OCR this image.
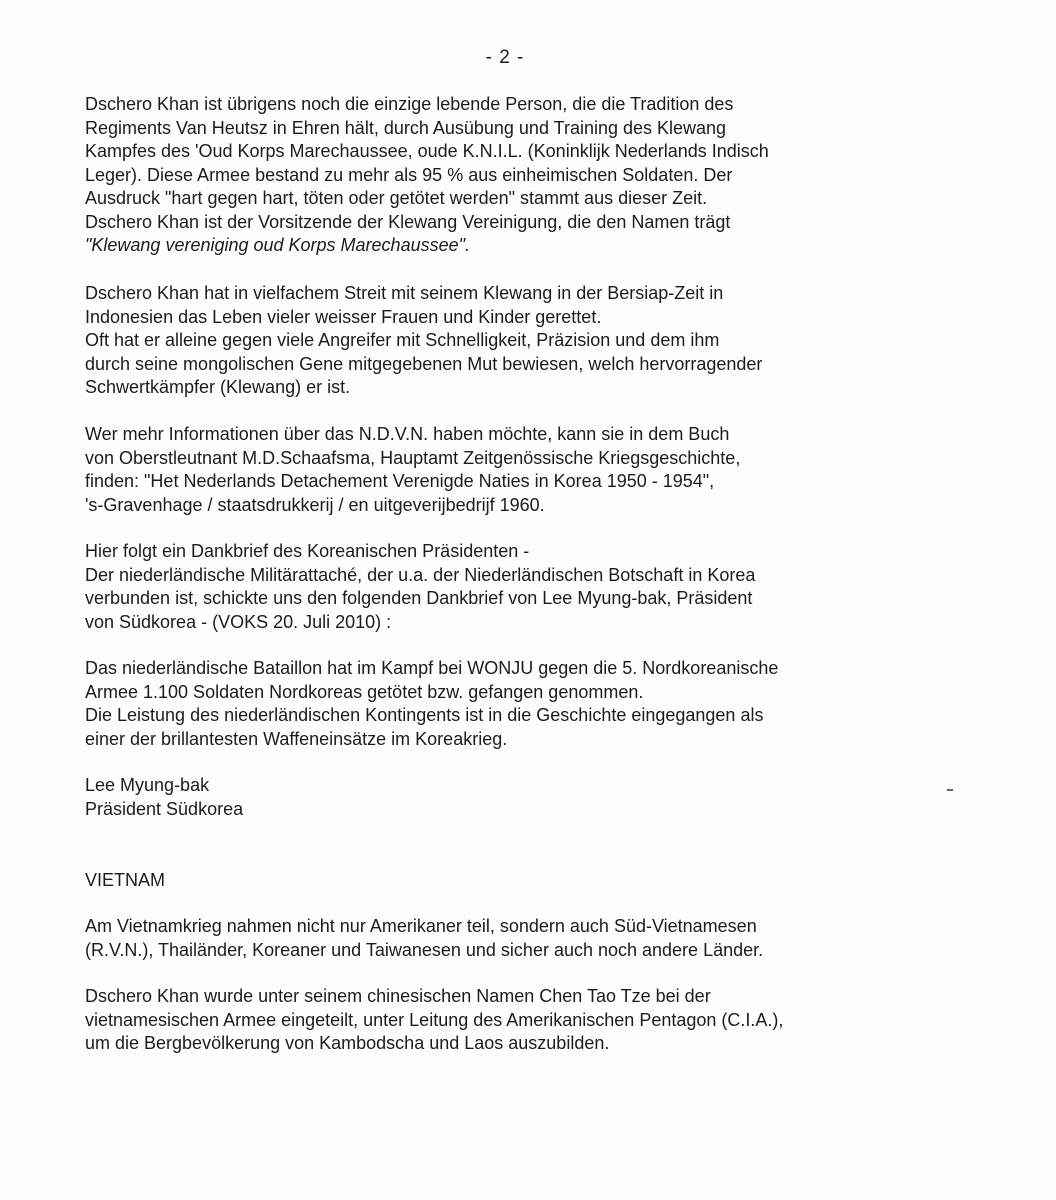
- 2 -
Dschero Khan ist übrigens noch die einzige lebende Person, die die Tradition des
Regiments Van Heutsz in Ehren hält, durch Ausübung und Training des Klewang
Kampfes des 'Oud Korps Marechaussee, oude K.N.I.L. (Koninklijk Nederlands Indisch
Leger). Diese Armee bestand zu mehr als 95 % aus einheimischen Soldaten. Der
Ausdruck "hart gegen hart, töten oder getötet werden" stammt aus dieser Zeit.
Dschero Khan ist der Vorsitzende der Klewang Vereinigung, die den Namen trägt
"Klewang vereniging oud Korps Marechaussee".
Dschero Khan hat in vielfachem Streit mit seinem Klewang in der Bersiap-Zeit in
Indonesien das Leben vieler weisser Frauen und Kinder gerettet.
Oft hat er alleine gegen viele Angreifer mit Schnelligkeit, Präzision und dem ihm
durch seine mongolischen Gene mitgegebenen Mut bewiesen, welch hervorragender
Schwertkämpfer (Klewang) er ist.
Wer mehr Informationen über das N.D.V.N. haben möchte, kann sie in dem Buch
von Oberstleutnant M.D.Schaafsma, Hauptamt Zeitgenössische Kriegsgeschichte,
finden: "Het Nederlands Detachement Verenigde Naties in Korea 1950 - 1954",
's-Gravenhage / staatsdrukkerij / en uitgeverijbedrijf 1960.
Hier folgt ein Dankbrief des Koreanischen Präsidenten -
Der niederländische Militärattaché, der u.a. der Niederländischen Botschaft in Korea
verbunden ist, schickte uns den folgenden Dankbrief von Lee Myung-bak, Präsident
von Südkorea - (VOKS 20. Juli 2010) :
Das niederländische Bataillon hat im Kampf bei WONJU gegen die 5. Nordkoreanische
Armee 1.100 Soldaten Nordkoreas getötet bzw. gefangen genommen.
Die Leistung des niederländischen Kontingents ist in die Geschichte eingegangen als
einer der brillantesten Waffeneinsätze im Koreakrieg.
Lee Myung-bak
Präsident Südkorea
VIETNAM
Am Vietnamkrieg nahmen nicht nur Amerikaner teil, sondern auch Süd-Vietnamesen
(R.V.N.), Thailänder, Koreaner und Taiwanesen und sicher auch noch andere Länder.
Dschero Khan wurde unter seinem chinesischen Namen Chen Tao Tze bei der
vietnamesischen Armee eingeteilt, unter Leitung des Amerikanischen Pentagon (C.I.A.),
um die Bergbevölkerung von Kambodscha und Laos auszubilden.
